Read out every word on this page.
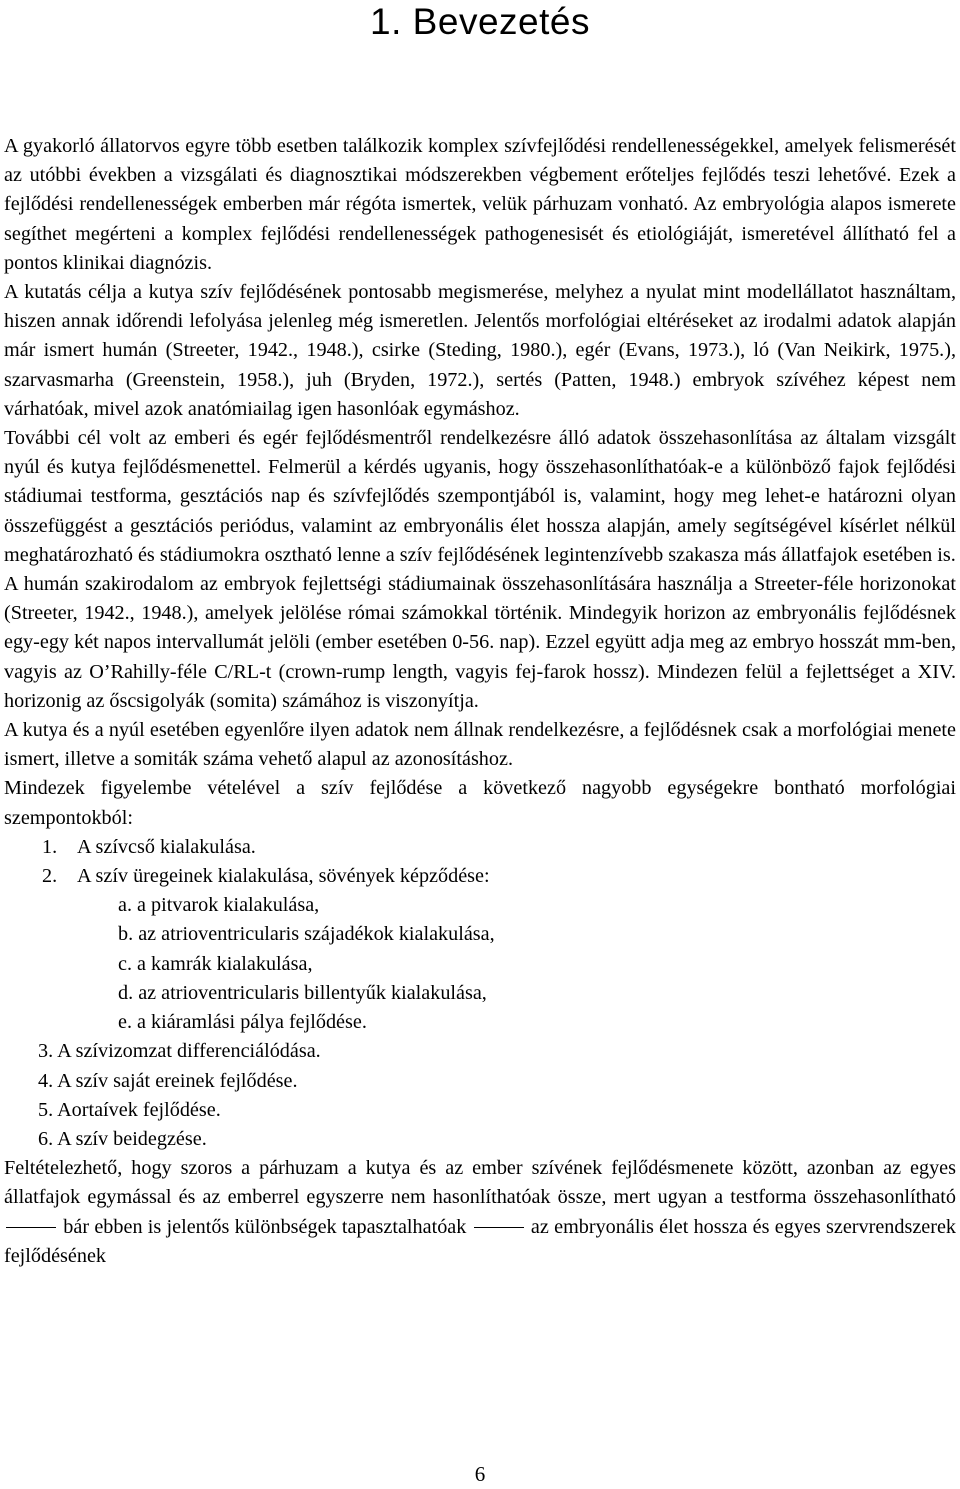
1. Bevezetés

A gyakorló állatorvos egyre több esetben találkozik komplex szívfejlődési rendellenességekkel, amelyek felismerését az utóbbi években a vizsgálati és diagnosztikai módszerekben végbement erőteljes fejlődés teszi lehetővé. Ezek a fejlődési rendellenességek emberben már régóta ismertek, velük párhuzam vonható. Az embryológia alapos ismerete segíthet megérteni a komplex fejlődési rendellenességek pathogenesisét és etiológiáját, ismeretével állítható fel a pontos klinikai diagnózis.

A kutatás célja a kutya szív fejlődésének pontosabb megismerése, melyhez a nyulat mint modellállatot használtam, hiszen annak időrendi lefolyása jelenleg még ismeretlen. Jelentős morfológiai eltéréseket az irodalmi adatok alapján már ismert humán (Streeter, 1942., 1948.), csirke (Steding, 1980.), egér (Evans, 1973.), ló (Van Neikirk, 1975.), szarvasmarha (Greenstein, 1958.), juh (Bryden, 1972.), sertés (Patten, 1948.) embryok szívéhez képest nem várhatóak, mivel azok anatómiailag igen hasonlóak egymáshoz.

További cél volt az emberi és egér fejlődésmentről rendelkezésre álló adatok összehasonlítása az általam vizsgált nyúl és kutya fejlődésmenettel. Felmerül a kérdés ugyanis, hogy összehasonlíthatóak-e a különböző fajok fejlődési stádiumai testforma, gesztációs nap és szívfejlődés szempontjából is, valamint, hogy meg lehet-e határozni olyan összefüggést a gesztációs periódus, valamint az embryonális élet hossza alapján, amely segítségével kísérlet nélkül meghatározható és stádiumokra osztható lenne a szív fejlődésének legintenzívebb szakasza más állatfajok esetében is.

A humán szakirodalom az embryok fejlettségi stádiumainak összehasonlítására használja a Streeter-féle horizonokat (Streeter, 1942., 1948.), amelyek jelölése római számokkal történik. Mindegyik horizon az embryonális fejlődésnek egy-egy két napos intervallumát jelöli (ember esetében 0-56. nap). Ezzel együtt adja meg az embryo hosszát mm-ben, vagyis az O’Rahilly-féle C/RL-t (crown-rump length, vagyis fej-farok hossz). Mindezen felül a fejlettséget a XIV. horizonig az őscsigolyák (somita) számához is viszonyítja.

A kutya és a nyúl esetében egyenlőre ilyen adatok nem állnak rendelkezésre, a fejlődésnek csak a morfológiai menete ismert, illetve a somiták száma vehető alapul az azonosításhoz.

Mindezek figyelembe vételével a szív fejlődése a következő nagyobb egységekre bontható morfológiai szempontokból:

1. A szívcső kialakulása.
2. A szív üregeinek kialakulása, sövények képződése:
a. a pitvarok kialakulása,
b. az atrioventricularis szájadékok kialakulása,
c. a kamrák kialakulása,
d. az atrioventricularis billentyűk kialakulása,
e. a kiáramlási pálya fejlődése.
3. A szívizomzat differenciálódása.
4. A szív saját ereinek fejlődése.
5. Aortaívek fejlődése.
6. A szív beidegzése.

Feltételezhető, hogy szoros a párhuzam a kutya és az ember szívének fejlődésmenete között, azonban az egyes állatfajok egymással és az emberrel egyszerre nem hasonlíthatóak össze, mert ugyan a testforma összehasonlítható  bár ebben is jelentős különbségek tapasztalhatóak	az embryonális élet hossza és egyes szervrendszerek fejlődésének

6
